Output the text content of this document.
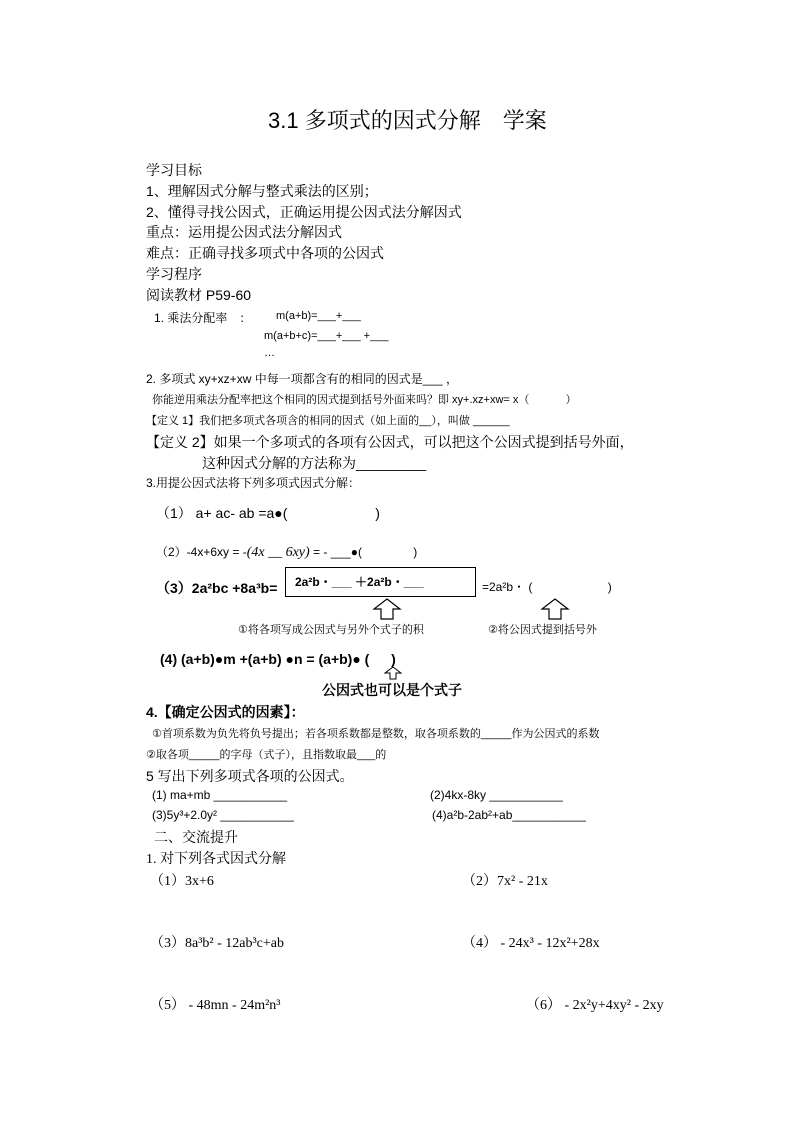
3.1 多项式的因式分解　学案
学习目标
1、理解因式分解与整式乘法的区别；
2、懂得寻找公因式，正确运用提公因式法分解因式
重点：运用提公因式法分解因式
难点：正确寻找多项式中各项的公因式
学习程序
阅读教材 P59-60
1. 乘法分配率　： m(a+b)=___+___
m(a+b+c)=___+___ +___
…
2. 多项式 xy+xz+xw 中每一项都含有的相同的因式是___ ，
你能逆用乘法分配率把这个相同的因式提到括号外面来吗？即 xy+.xz+xw= x（　　　 ）
【定义 1】我们把多项式各项含的相同的因式（如上面的__），叫做 ______
【定义 2】如果一个多项式的各项有公因式，可以把这个公因式提到括号外面，
这种因式分解的方法称为_________
3.用提公因式法将下列多项式因式分解：
（1） a+ ac- ab =a●(　　　　　　 )
（2）-4x+6xy = -(4x __ 6xy) = - ___●(　　　　 )
（3）2a²bc +8a³b= 2a²b・___ ＋2a²b・___	=2a²b・ (　　　　　　 )
①将各项写成公因式与另外个式子的积	②将公因式提到括号外
(4) (a+b)●m +(a+b) ●n = (a+b)● ( 　 )
公因式也可以是个式子
4.【确定公因式的因素】：
①首项系数为负先将负号提出；若各项系数都是整数，取各项系数的_____作为公因式的系数
②取各项_____的字母（式子），且指数取最___的
5 写出下列多项式各项的公因式。
(1) ma+mb ___________	(2)4kx-8ky ___________
(3)5y³+2.0y² ___________	(4)a²b-2ab²+ab___________
二、交流提升
1. 对下列各式因式分解
（1）3x+6	（2）7x² - 21x
（3）8a³b² - 12ab³c+ab	（4） - 24x³ - 12x²+28x
（5） - 48mn - 24m²n³	（6） - 2x²y+4xy² - 2xy
